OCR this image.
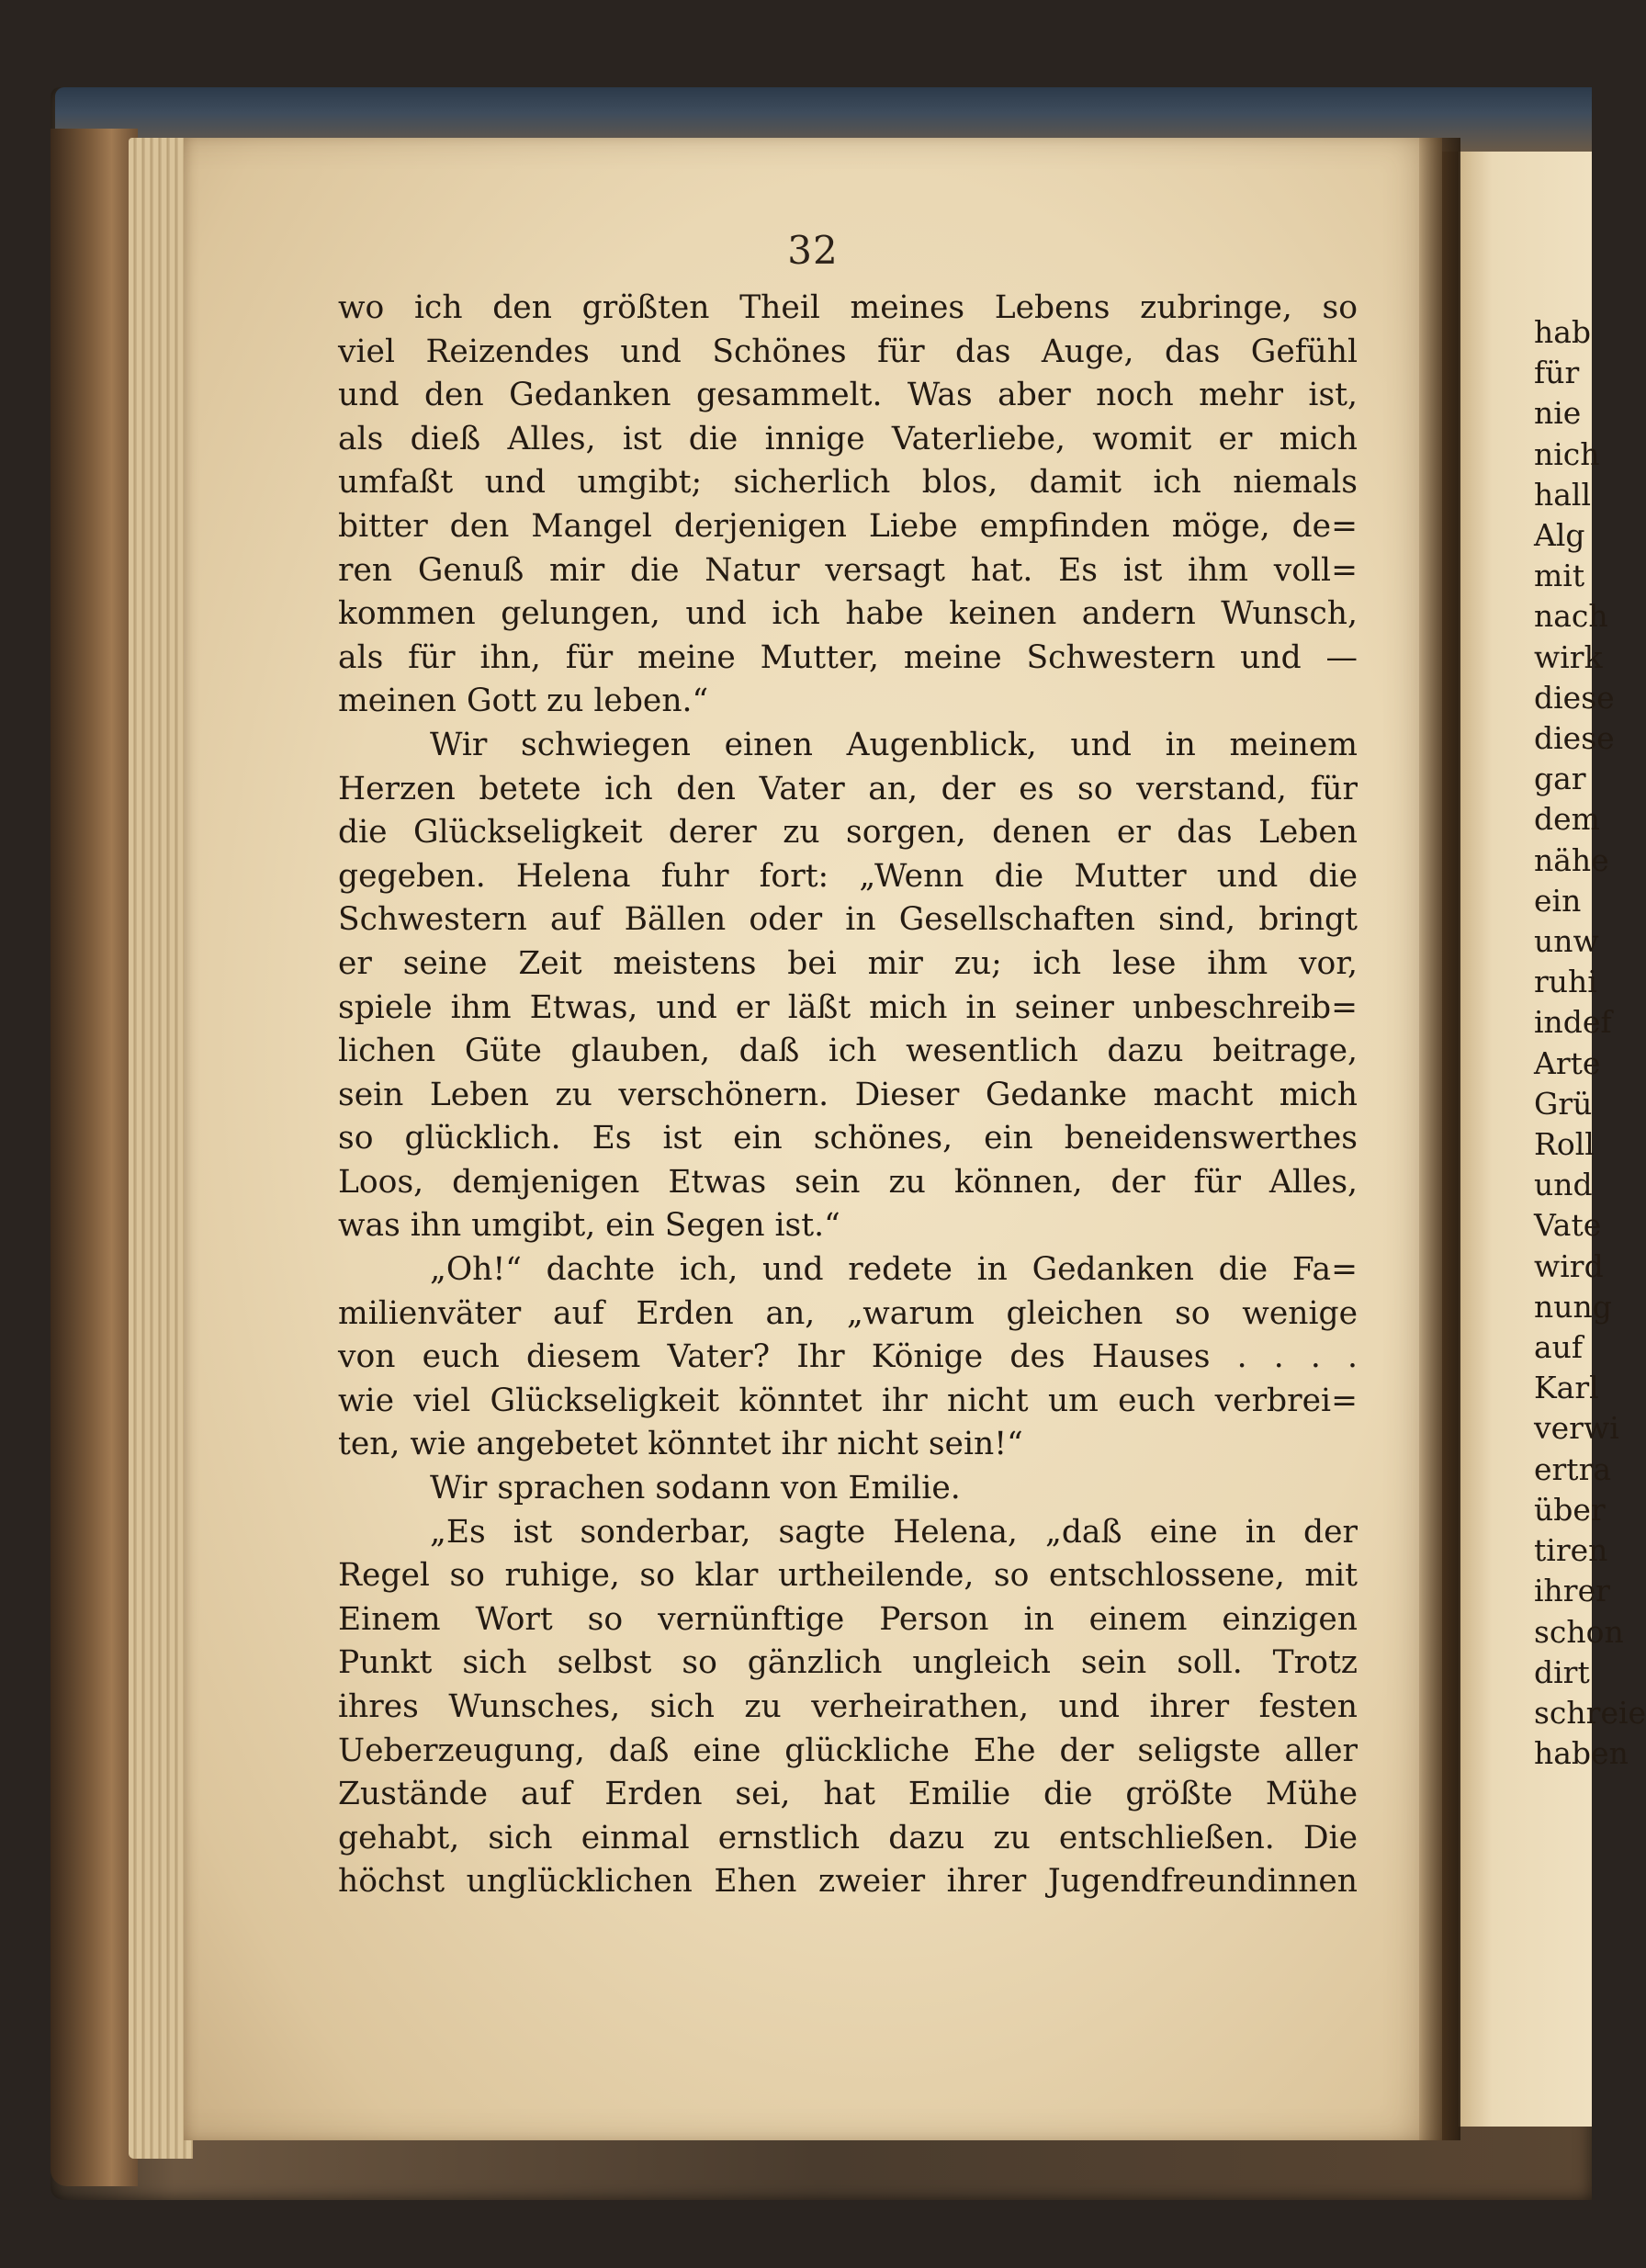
32
wo ich den größten Theil meines Lebens zubringe, so
viel Reizendes und Schönes für das Auge, das Gefühl
und den Gedanken gesammelt. Was aber noch mehr ist,
als dieß Alles, ist die innige Vaterliebe, womit er mich
umfaßt und umgibt; sicherlich blos, damit ich niemals
bitter den Mangel derjenigen Liebe empfinden möge, de=
ren Genuß mir die Natur versagt hat. Es ist ihm voll=
kommen gelungen, und ich habe keinen andern Wunsch,
als für ihn, für meine Mutter, meine Schwestern und —
meinen Gott zu leben.“
Wir schwiegen einen Augenblick, und in meinem
Herzen betete ich den Vater an, der es so verstand, für
die Glückseligkeit derer zu sorgen, denen er das Leben
gegeben. Helena fuhr fort: „Wenn die Mutter und die
Schwestern auf Bällen oder in Gesellschaften sind, bringt
er seine Zeit meistens bei mir zu; ich lese ihm vor,
spiele ihm Etwas, und er läßt mich in seiner unbeschreib=
lichen Güte glauben, daß ich wesentlich dazu beitrage,
sein Leben zu verschönern. Dieser Gedanke macht mich
so glücklich. Es ist ein schönes, ein beneidenswerthes
Loos, demjenigen Etwas sein zu können, der für Alles,
was ihn umgibt, ein Segen ist.“
„Oh!“ dachte ich, und redete in Gedanken die Fa=
milienväter auf Erden an, „warum gleichen so wenige
von euch diesem Vater? Ihr Könige des Hauses . . . .
wie viel Glückseligkeit könntet ihr nicht um euch verbrei=
ten, wie angebetet könntet ihr nicht sein!“
Wir sprachen sodann von Emilie.
„Es ist sonderbar, sagte Helena, „daß eine in der
Regel so ruhige, so klar urtheilende, so entschlossene, mit
Einem Wort so vernünftige Person in einem einzigen
Punkt sich selbst so gänzlich ungleich sein soll. Trotz
ihres Wunsches, sich zu verheirathen, und ihrer festen
Ueberzeugung, daß eine glückliche Ehe der seligste aller
Zustände auf Erden sei, hat Emilie die größte Mühe
gehabt, sich einmal ernstlich dazu zu entschließen. Die
höchst unglücklichen Ehen zweier ihrer Jugendfreundinnen
hab
für
nie
nich
hall
Alg
mit
nach
wirk
diese
diese
gar
dem
nähe
ein
unw
ruhi
indef
Arte
Grü
Roll
und
Vate
wird
nung
auf
Karl
verwi
ertra
über
tiren
ihrer
schon
dirt
schreie
haben
